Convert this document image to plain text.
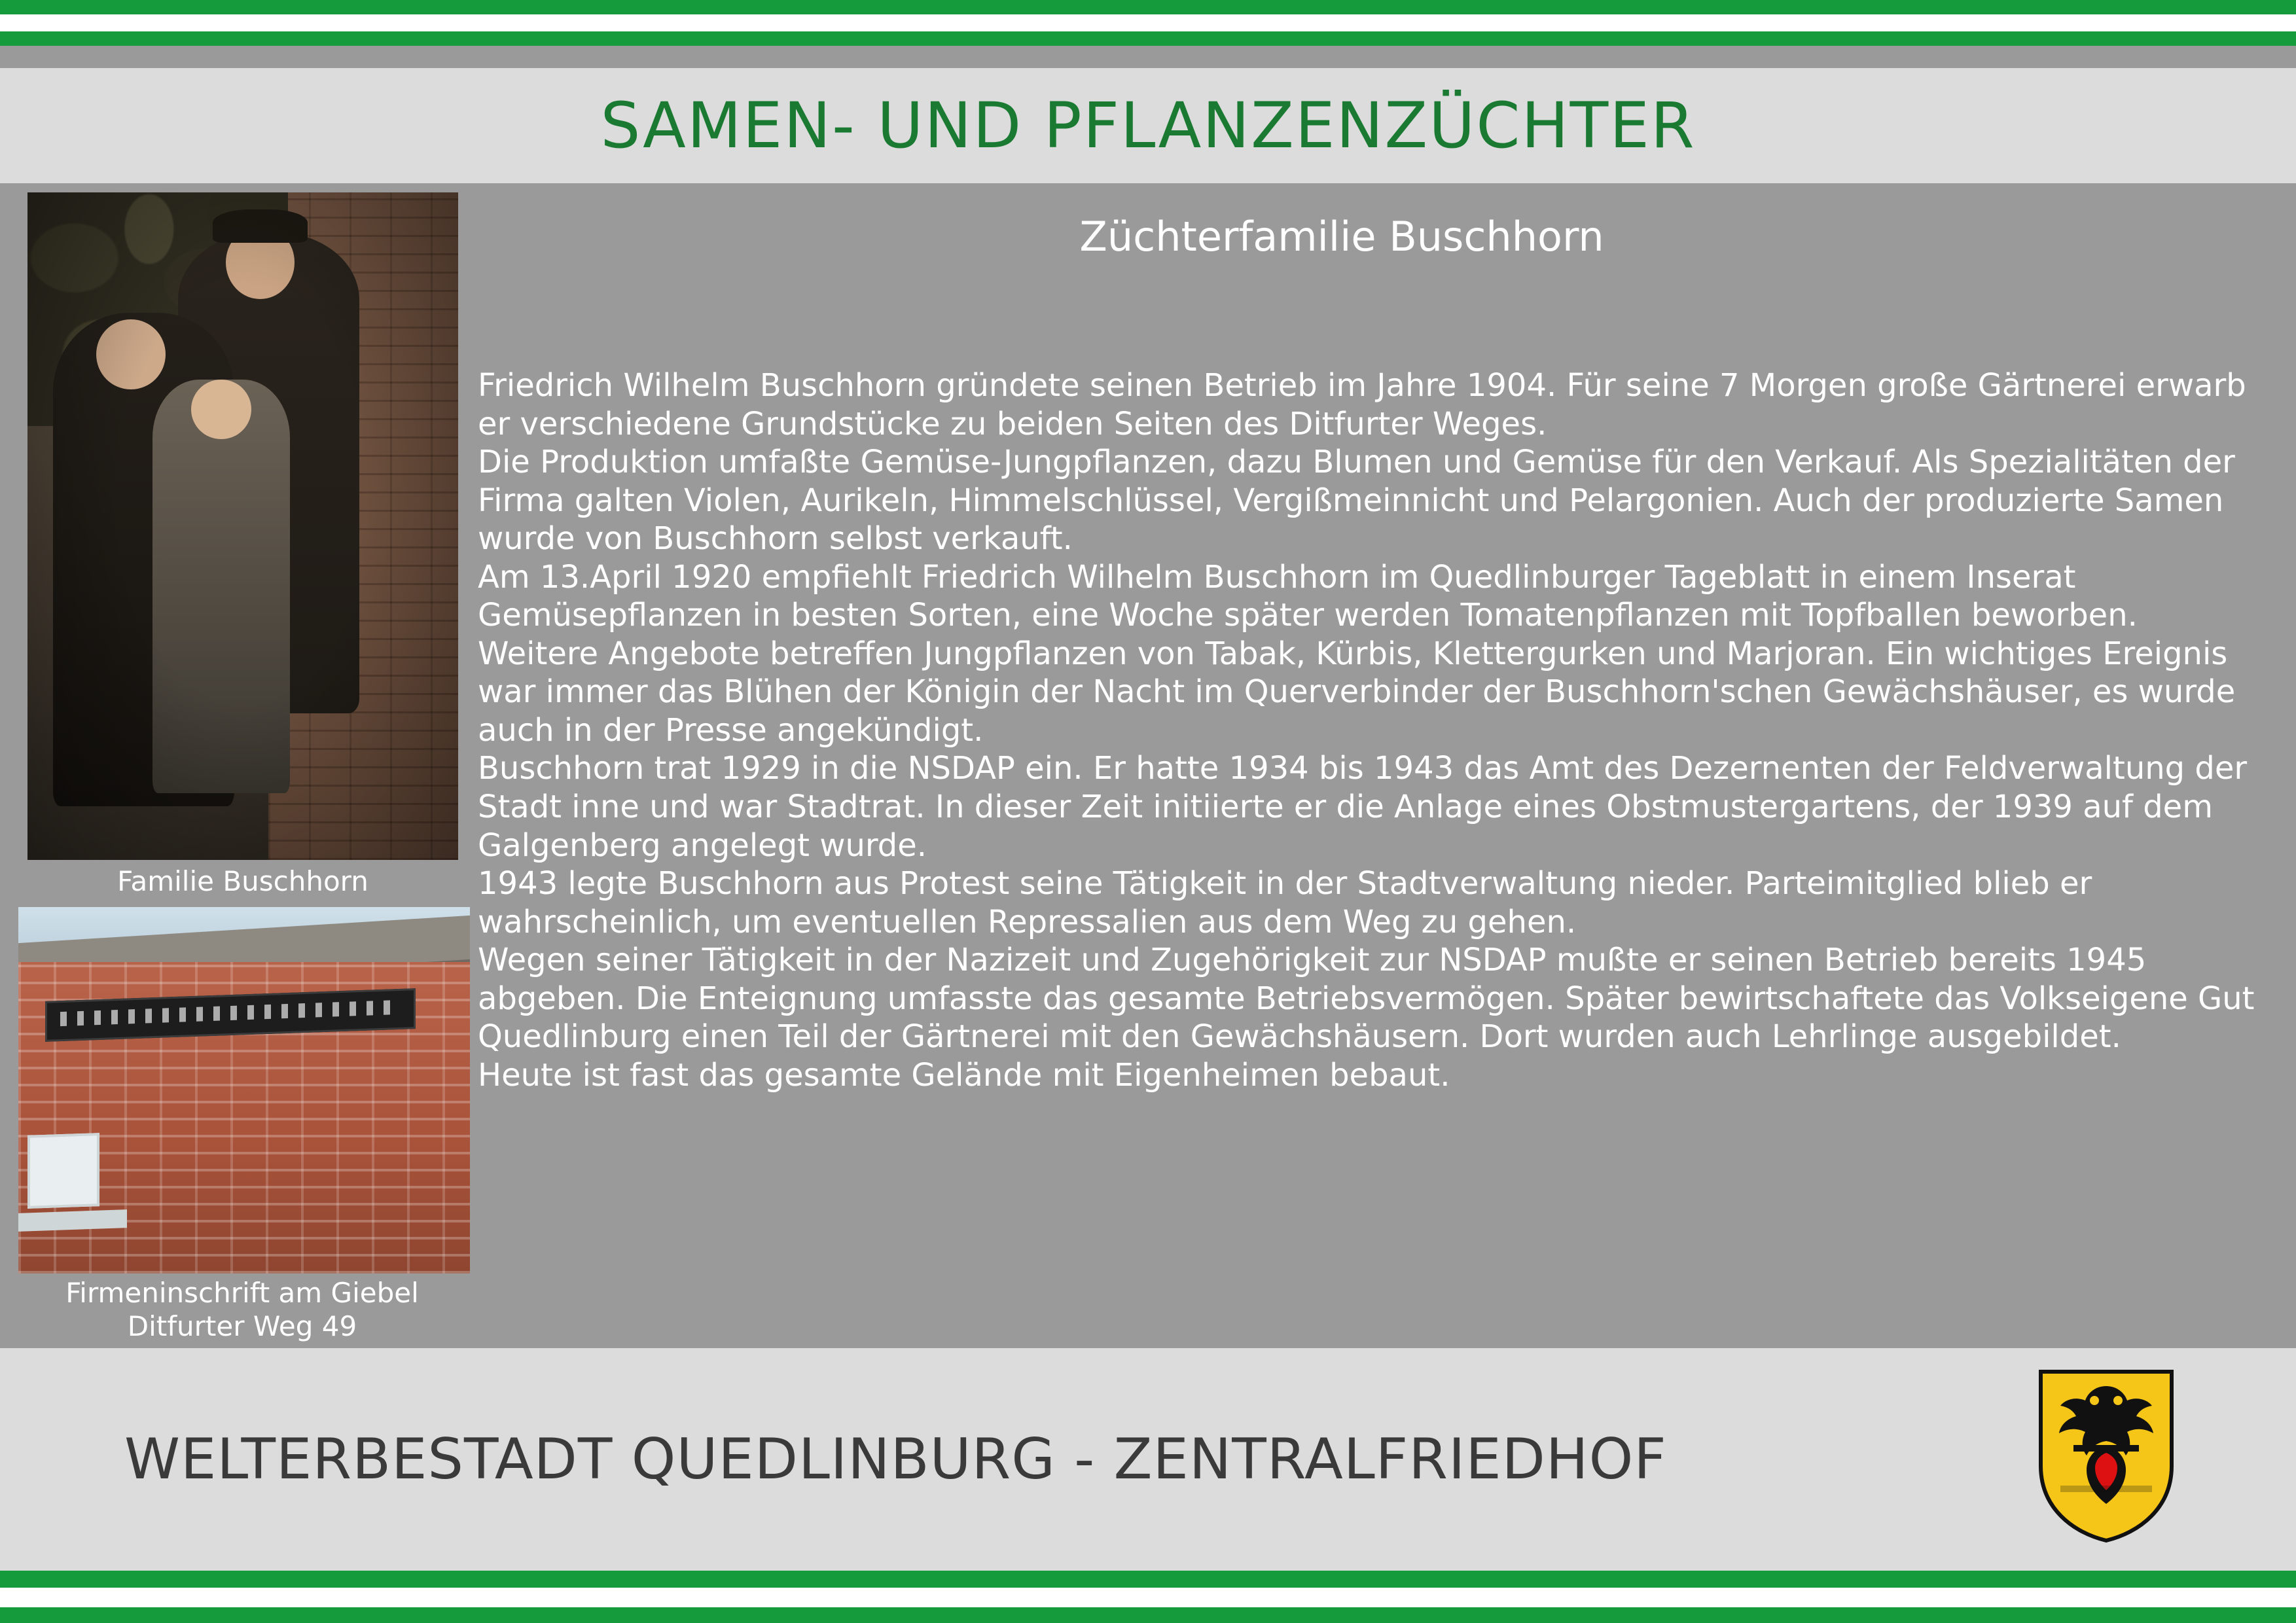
SAMEN- UND PFLANZENZÜCHTER
Züchterfamilie Buschhorn
Familie Buschhorn
Firmeninschrift am Giebel
Ditfurter Weg 49

Friedrich Wilhelm Buschhorn gründete seinen Betrieb im Jahre 1904. Für seine 7 Morgen große Gärtnerei erwarb er verschiedene Grundstücke zu beiden Seiten des Ditfurter Weges.

Die Produktion umfaßte Gemüse-Jungpflanzen, dazu Blumen und Gemüse für den Verkauf. Als Spezialitäten der Firma galten Violen, Aurikeln, Himmelschlüssel, Vergißmeinnicht und Pelargonien. Auch der produzierte Samen wurde von Buschhorn selbst verkauft.

Am 13.April 1920 empfiehlt Friedrich Wilhelm Buschhorn im Quedlinburger Tageblatt in einem Inserat Gemüsepflanzen in besten Sorten, eine Woche später werden Tomatenpflanzen mit Topfballen beworben. Weitere Angebote betreffen Jungpflanzen von Tabak, Kürbis, Klettergurken und Marjoran. Ein wichtiges Ereignis war immer das Blühen der Königin der Nacht im Querverbinder der Buschhorn'schen Gewächshäuser, es wurde auch in der Presse angekündigt.

Buschhorn trat 1929 in die NSDAP ein. Er hatte 1934 bis 1943 das Amt des Dezernenten der Feldverwaltung der Stadt inne und war Stadtrat. In dieser Zeit initiierte er die Anlage eines Obstmustergartens, der 1939 auf dem Galgenberg angelegt wurde.

1943 legte Buschhorn aus Protest seine Tätigkeit in der Stadtverwaltung nieder. Parteimitglied blieb er wahrscheinlich, um eventuellen Repressalien aus dem Weg zu gehen.

Wegen seiner Tätigkeit in der Nazizeit und Zugehörigkeit zur NSDAP mußte er seinen Betrieb bereits 1945 abgeben. Die Enteignung umfasste das gesamte Betriebsvermögen. Später bewirtschaftete das Volkseigene Gut Quedlinburg einen Teil der Gärtnerei mit den Gewächshäusern. Dort wurden auch Lehrlinge ausgebildet.

Heute ist fast das gesamte Gelände mit Eigenheimen bebaut.

WELTERBESTADT QUEDLINBURG - ZENTRALFRIEDHOF
